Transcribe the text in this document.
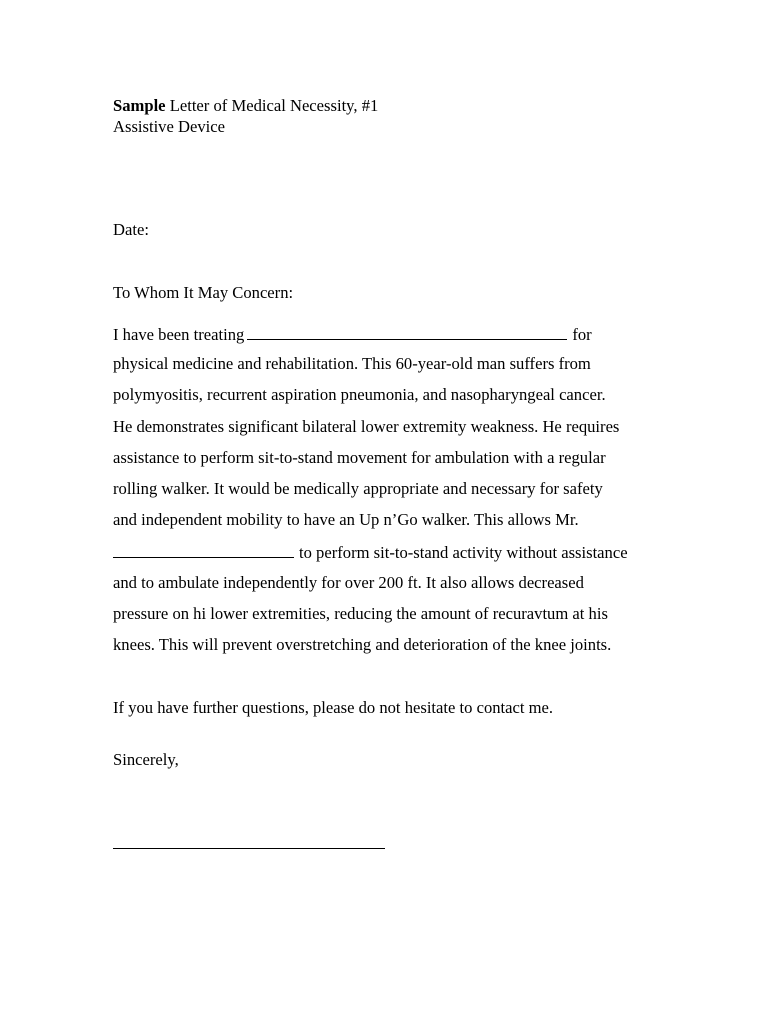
Sample Letter of Medical Necessity, #1
Assistive Device
Date:
To Whom It May Concern:
I have been treating	for
physical medicine and rehabilitation. This 60-year-old man suffers from
polymyositis, recurrent aspiration pneumonia, and nasopharyngeal cancer.
He demonstrates significant bilateral lower extremity weakness. He requires
assistance to perform sit-to-stand movement for ambulation with a regular
rolling walker. It would be medically appropriate and necessary for safety
and independent mobility to have an Up n’Go walker. This allows Mr.
to perform sit-to-stand activity without assistance
and to ambulate independently for over 200 ft. It also allows decreased
pressure on hi lower extremities, reducing the amount of recuravtum at his
knees. This will prevent overstretching and deterioration of the knee joints.
If you have further questions, please do not hesitate to contact me.
Sincerely,
